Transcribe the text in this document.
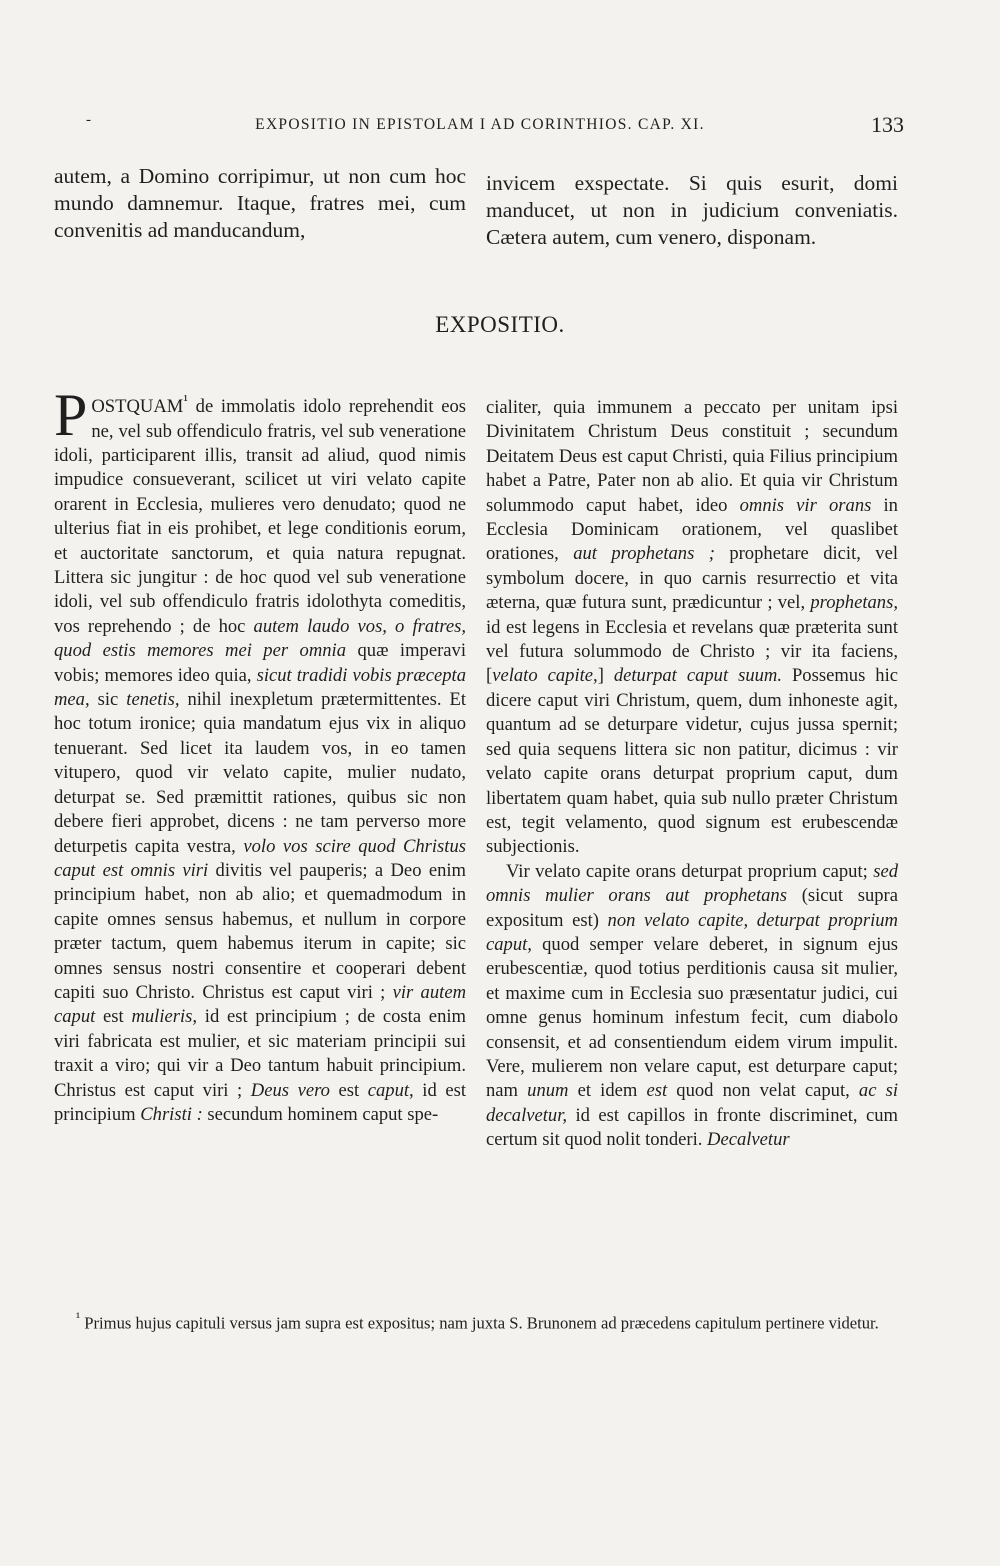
-	EXPOSITIO IN EPISTOLAM I AD CORINTHIOS. CAP. XI.	133

autem, a Domino corripimur, ut non cum hoc mundo damnemur. Itaque, fratres mei, cum convenitis ad manducandum,

invicem exspectate. Si quis esurit, domi manducet, ut non in judicium conveniatis. Cætera autem, cum venero, disponam.

EXPOSITIO.

$POSTQUAM^{^1}$ de immolatis idolo reprehendit eos ne, vel sub offendiculo fratris, vel sub veneratione idoli, participarent illis, transit ad aliud, quod nimis impudice consueverant, scilicet ut viri velato capite orarent in Ecclesia, mulieres vero denudato; quod ne ulterius fiat in eis prohibet, et lege conditionis eorum, et auctoritate sanctorum, et quia natura repugnat. Littera sic jungitur : de hoc quod vel sub veneratione idoli, vel sub offendiculo fratris idolothyta comeditis, vos reprehendo ; de hoc autem laudo vos, o fratres, quod estis memores mei per omnia quæ imperavi vobis; memores ideo quia, sicut tradidi vobis præcepta mea, sic tenetis, nihil inexpletum prætermittentes. Et hoc totum ironice; quia mandatum ejus vix in aliquo tenuerant. Sed licet ita laudem vos, in eo tamen vitupero, quod vir velato capite, mulier nudato, deturpat se. Sed præmittit rationes, quibus sic non debere fieri approbet, dicens : ne tam perverso more deturpetis capita vestra, volo vos scire quod Christus caput est omnis viri divitis vel pauperis; a Deo enim principium habet, non ab alio; et quemadmodum in capite omnes sensus habemus, et nullum in corpore præter tactum, quem habemus iterum in capite; sic omnes sensus nostri consentire et cooperari debent capiti suo Christo. Christus est caput viri ; vir autem caput est mulieris, id est principium ; de costa enim viri fabricata est mulier, et sic materiam principii sui traxit a viro; qui vir a Deo tantum habuit principium. Christus est caput viri ; Deus vero est caput, id est principium Christi : secundum hominem caput spe-

cialiter, quia immunem a peccato per unitam ipsi Divinitatem Christum Deus constituit ; secundum Deitatem Deus est caput Christi, quia Filius principium habet a Patre, Pater non ab alio. Et quia vir Christum solummodo caput habet, ideo omnis vir orans in Ecclesia Dominicam orationem, vel quaslibet orationes, aut prophetans ; prophetare dicit, vel symbolum docere, in quo carnis resurrectio et vita æterna, quæ futura sunt, prædicuntur ; vel, prophetans, id est legens in Ecclesia et revelans quæ præterita sunt vel futura solummodo de Christo ; vir ita faciens, [velato capite,] deturpat caput suum. Possemus hic dicere caput viri Christum, quem, dum inhoneste agit, quantum ad se deturpare videtur, cujus jussa spernit; sed quia sequens littera sic non patitur, dicimus : vir velato capite orans deturpat proprium caput, dum libertatem quam habet, quia sub nullo præter Christum est, tegit velamento, quod signum est erubescendæ subjectionis.

Vir velato capite orans deturpat proprium caput; sed omnis mulier orans aut prophetans (sicut supra expositum est) non velato capite, deturpat proprium caput, quod semper velare deberet, in signum ejus erubescentiæ, quod totius perditionis causa sit mulier, et maxime cum in Ecclesia suo præsentatur judici, cui omne genus hominum infestum fecit, cum diabolo consensit, et ad consentiendum eidem virum impulit. Vere, mulierem non velare caput, est deturpare caput; nam unum et idem est quod non velat caput, ac si decalvetur, id est capillos in fronte discriminet, cum certum sit quod nolit tonderi. Decalvetur

$^{^1}$ Primus hujus capituli versus jam supra est expositus; nam juxta S. Brunonem ad præcedens capitulum pertinere videtur.
